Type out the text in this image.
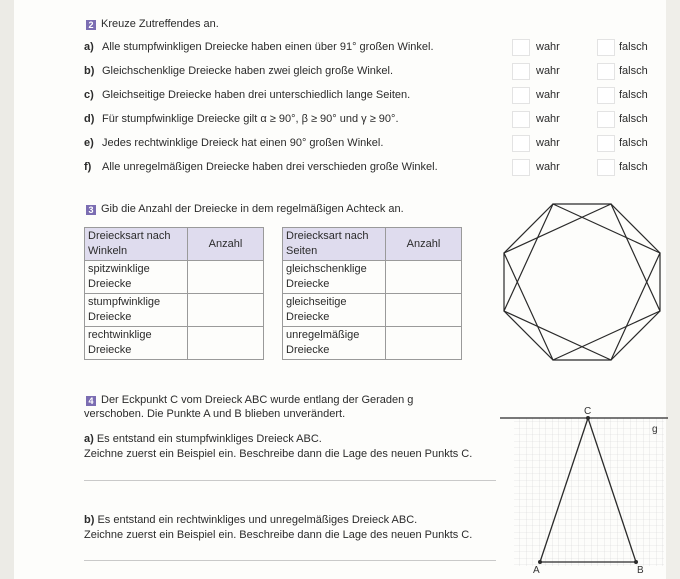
2 Kreuze Zutreffendes an.
a) Alle stumpfwinkligen Dreiecke haben einen über 91° großen Winkel.	wahr	falsch
b) Gleichschenklige Dreiecke haben zwei gleich große Winkel.	wahr	falsch
c) Gleichseitige Dreiecke haben drei unterschiedlich lange Seiten.	wahr	falsch
d) Für stumpfwinklige Dreiecke gilt α ≥ 90°, β ≥ 90° und γ ≥ 90°.	wahr	falsch
e) Jedes rechtwinklige Dreieck hat einen 90° großen Winkel.	wahr	falsch
f) Alle unregelmäßigen Dreiecke haben drei verschieden große Winkel.	wahr	falsch
3 Gib die Anzahl der Dreiecke in dem regelmäßigen Achteck an.
Dreiecksart nach Winkeln	Anzahl
spitzwinklige Dreiecke	
stumpfwinklige Dreiecke	
rechtwinklige Dreiecke	
Dreiecksart nach Seiten	Anzahl
gleichschenklige Dreiecke	
gleichseitige Dreiecke	
unregelmäßige Dreiecke	
4 Der Eckpunkt C vom Dreieck ABC wurde entlang der Geraden g
verschoben. Die Punkte A und B blieben unverändert.
a) Es entstand ein stumpfwinkliges Dreieck ABC.
Zeichne zuerst ein Beispiel ein. Beschreibe dann die Lage des neuen Punkts C.
b) Es entstand ein rechtwinkliges und unregelmäßiges Dreieck ABC.
Zeichne zuerst ein Beispiel ein. Beschreibe dann die Lage des neuen Punkts C.
C
A	B
g
